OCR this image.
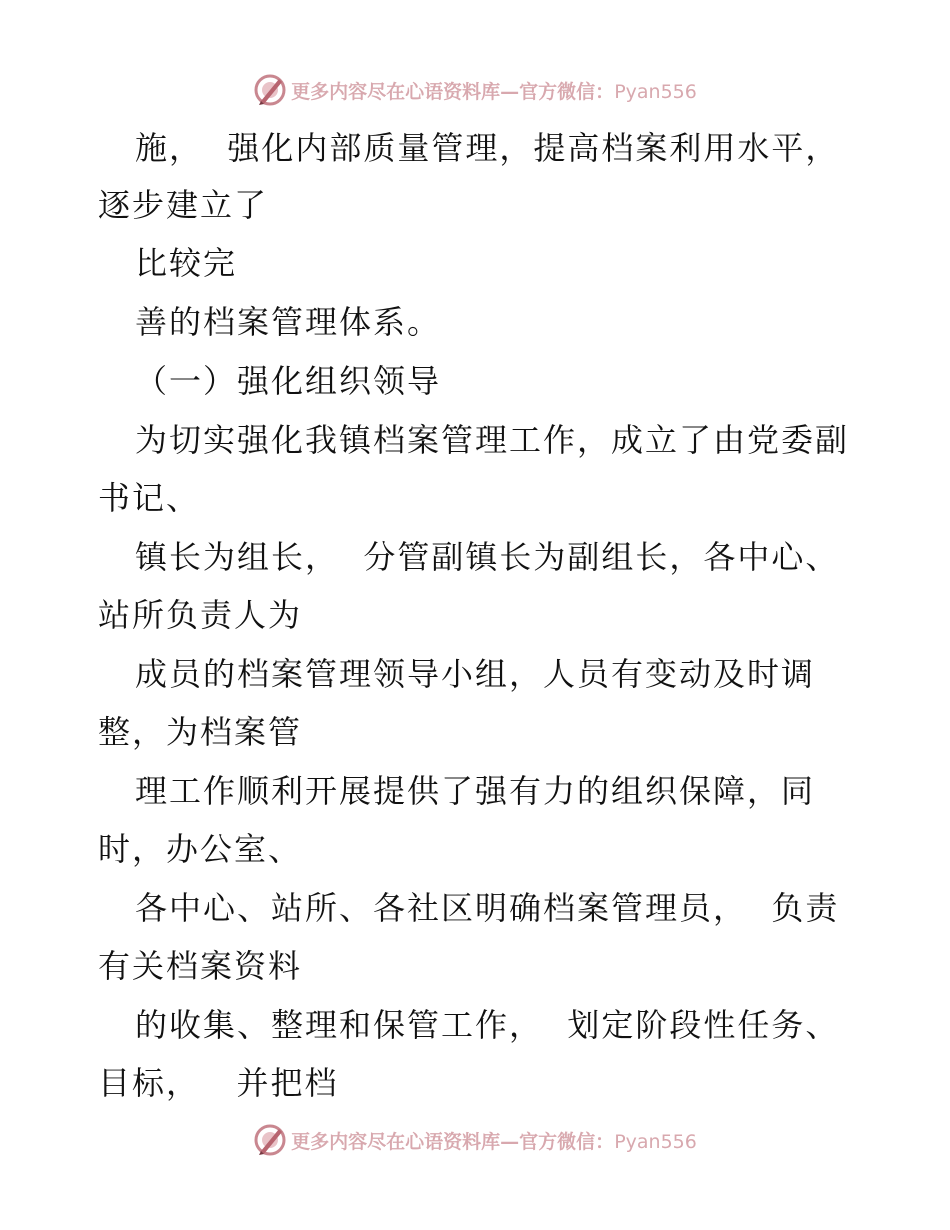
更多内容尽在心语资料库—官方微信：Pyan556
施，  强化内部质量管理，提高档案利用水平，
逐步建立了
比较完
善的档案管理体系。
（一）强化组织领导
为切实强化我镇档案管理工作，成立了由党委副
书记、
镇长为组长，  分管副镇长为副组长，各中心、
站所负责人为
成员的档案管理领导小组，人员有变动及时调
整，为档案管
理工作顺利开展提供了强有力的组织保障，同
时，办公室、
各中心、站所、各社区明确档案管理员，  负责
有关档案资料
的收集、整理和保管工作，  划定阶段性任务、
目标，   并把档
更多内容尽在心语资料库—官方微信：Pyan556
